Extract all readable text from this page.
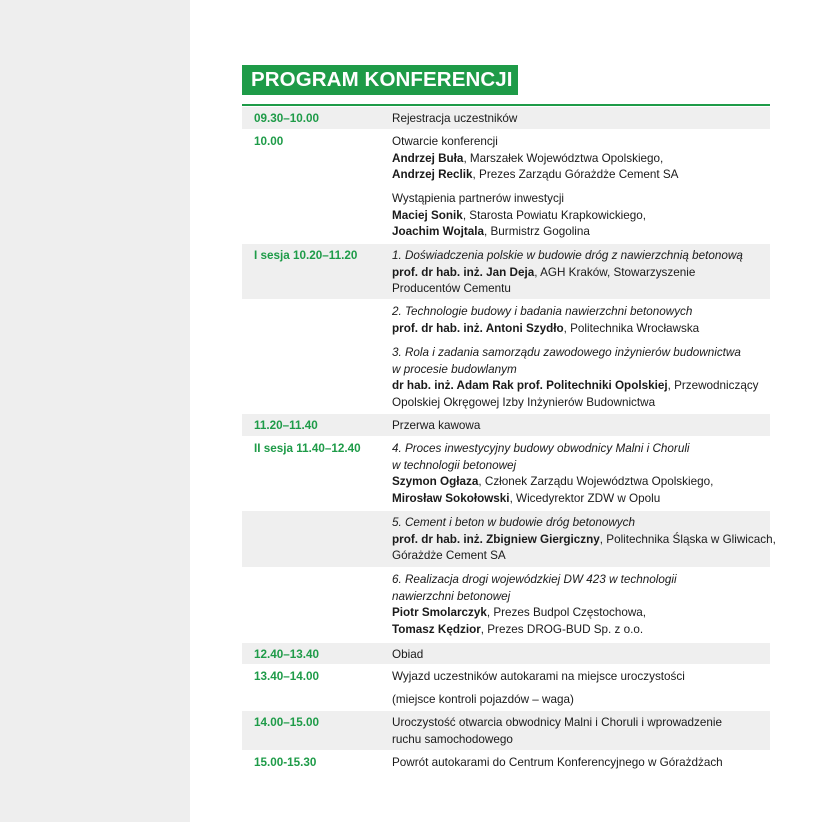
PROGRAM KONFERENCJI
09.30–10.00	Rejestracja uczestników
10.00	Otwarcie konferencji
Andrzej Buła, Marszałek Województwa Opolskiego,
Andrzej Reclik, Prezes Zarządu Górażdże Cement SA
Wystąpienia partnerów inwestycji
Maciej Sonik, Starosta Powiatu Krapkowickiego,
Joachim Wojtala, Burmistrz Gogolina
I sesja 10.20–11.20	1. Doświadczenia polskie w budowie dróg z nawierzchnią betonową
prof. dr hab. inż. Jan Deja, AGH Kraków, Stowarzyszenie
Producentów Cementu
2. Technologie budowy i badania nawierzchni betonowych
prof. dr hab. inż. Antoni Szydło, Politechnika Wrocławska
3. Rola i zadania samorządu zawodowego inżynierów budownictwa
w procesie budowlanym
dr hab. inż. Adam Rak prof. Politechniki Opolskiej, Przewodniczący
Opolskiej Okręgowej Izby Inżynierów Budownictwa
11.20–11.40	Przerwa kawowa
II sesja 11.40–12.40	4. Proces inwestycyjny budowy obwodnicy Malni i Choruli
w technologii betonowej
Szymon Ogłaza, Członek Zarządu Województwa Opolskiego,
Mirosław Sokołowski, Wicedyrektor ZDW w Opolu
5. Cement i beton w budowie dróg betonowych
prof. dr hab. inż. Zbigniew Giergiczny, Politechnika Śląska w Gliwicach,
Górażdże Cement SA
6. Realizacja drogi wojewódzkiej DW 423 w technologii
nawierzchni betonowej
Piotr Smolarczyk, Prezes Budpol Częstochowa,
Tomasz Kędzior, Prezes DROG-BUD Sp. z o.o.
12.40–13.40	Obiad
13.40–14.00	Wyjazd uczestników autokarami na miejsce uroczystości
(miejsce kontroli pojazdów – waga)
14.00–15.00	Uroczystość otwarcia obwodnicy Malni i Choruli i wprowadzenie
ruchu samochodowego
15.00-15.30	Powrót autokarami do Centrum Konferencyjnego w Górażdżach
